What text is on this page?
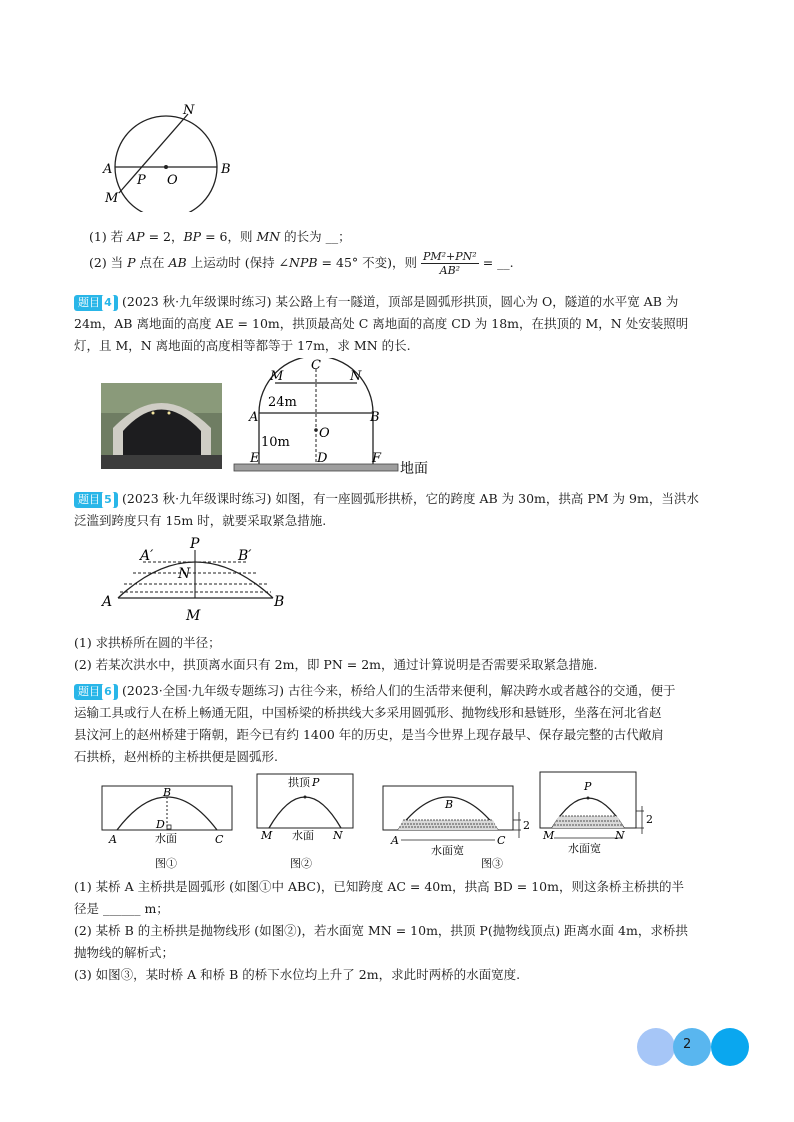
N
A	B
P O
M
(1) 若 AP = 2，BP = 6，则 MN 的长为 __；
(2) 当 P 点在 AB 上运动时 (保持 ∠NPB = 45° 不变)，则 $\frac{\text{PM²+PN²}}{\text{AB²}}$ = __.
题目 4 (2023 秋·九年级课时练习) 某公路上有一隧道，顶部是圆弧形拱顶，圆心为 O，隧道的水平宽 AB 为
24m，AB 离地面的高度 AE = 10m，拱顶最高处 C 离地面的高度 CD 为 18m，在拱顶的 M，N 处安装照明
灯，且 M，N 离地面的高度相等都等于 17m，求 MN 的长.
M
C
N
24m
A	B
O
10m
E	D	F
地面
题目 5 (2023 秋·九年级课时练习) 如图，有一座圆弧形拱桥，它的跨度 AB 为 30m，拱高 PM 为 9m，当洪水
泛滥到跨度只有 15m 时，就要采取紧急措施.
A′
P
B′
N
A
M
B
(1) 求拱桥所在圆的半径；
(2) 若某次洪水中，拱顶离水面只有 2m，即 PN = 2m，通过计算说明是否需要采取紧急措施.
题目 6 (2023·全国·九年级专题练习) 古往今来，桥给人们的生活带来便利，解决跨水或者越谷的交通，便于
运输工具或行人在桥上畅通无阻，中国桥梁的桥拱线大多采用圆弧形、抛物线形和悬链形，坐落在河北省赵
县汶河上的赵州桥建于隋朝，距今已有约 1400 年的历史，是当今世界上现存最早、保存最完整的古代敞肩
石拱桥，赵州桥的主桥拱便是圆弧形.
B
D
A	C
水面
图①
拱顶 P
M	N
水面
图②
B
A	C
2
水面宽
图③
P
M	N
2
水面宽
(1) 某桥 A 主桥拱是圆弧形 (如图①中 ABC)，已知跨度 AC = 40m，拱高 BD = 10m，则这条桥主桥拱的半
径是 ______ m；
(2) 某桥 B 的主桥拱是抛物线形 (如图②)，若水面宽 MN = 10m，拱顶 P(抛物线顶点) 距离水面 4m，求桥拱
抛物线的解析式；
(3) 如图③，某时桥 A 和桥 B 的桥下水位均上升了 2m，求此时两桥的水面宽度.
2
